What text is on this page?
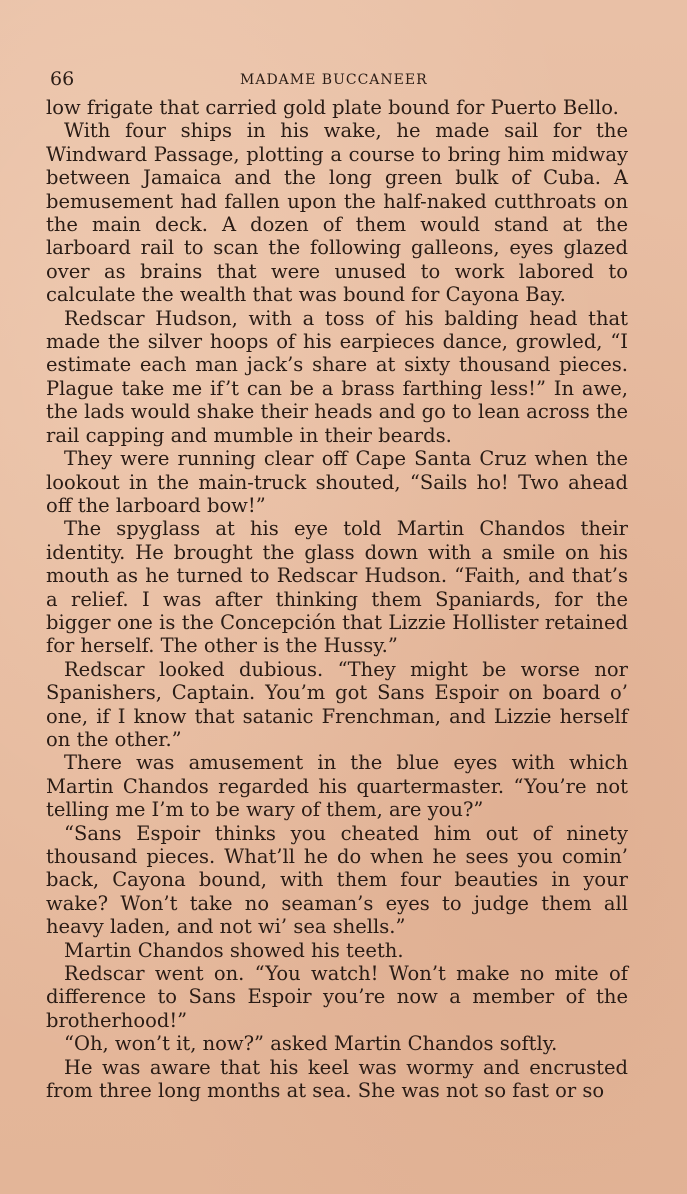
66	MADAME BUCCANEER

low frigate that carried gold plate bound for Puerto Bello.

With four ships in his wake, he made sail for the Windward Passage, plotting a course to bring him midway between Jamaica and the long green bulk of Cuba. A bemusement had fallen upon the half-naked cutthroats on the main deck. A dozen of them would stand at the larboard rail to scan the following galleons, eyes glazed over as brains that were unused to work labored to calculate the wealth that was bound for Cayona Bay.

Redscar Hudson, with a toss of his balding head that made the silver hoops of his earpieces dance, growled, “I estimate each man jack’s share at sixty thousand pieces. Plague take me if’t can be a brass farthing less!” In awe, the lads would shake their heads and go to lean across the rail capping and mumble in their beards.

They were running clear off Cape Santa Cruz when the lookout in the main-truck shouted, “Sails ho! Two ahead off the larboard bow!”

The spyglass at his eye told Martin Chandos their identity. He brought the glass down with a smile on his mouth as he turned to Redscar Hudson. “Faith, and that’s a relief. I was after thinking them Spaniards, for the bigger one is the Concepción that Lizzie Hollister retained for herself. The other is the Hussy.”

Redscar looked dubious. “They might be worse nor Spanishers, Captain. You’m got Sans Espoir on board o’ one, if I know that satanic Frenchman, and Lizzie herself on the other.”

There was amusement in the blue eyes with which Martin Chandos regarded his quartermaster. “You’re not telling me I’m to be wary of them, are you?”

“Sans Espoir thinks you cheated him out of ninety thousand pieces. What’ll he do when he sees you comin’ back, Cayona bound, with them four beauties in your wake? Won’t take no seaman’s eyes to judge them all heavy laden, and not wi’ sea shells.”

Martin Chandos showed his teeth.

Redscar went on. “You watch! Won’t make no mite of difference to Sans Espoir you’re now a member of the brotherhood!”

“Oh, won’t it, now?” asked Martin Chandos softly.

He was aware that his keel was wormy and encrusted from three long months at sea. She was not so fast or so
